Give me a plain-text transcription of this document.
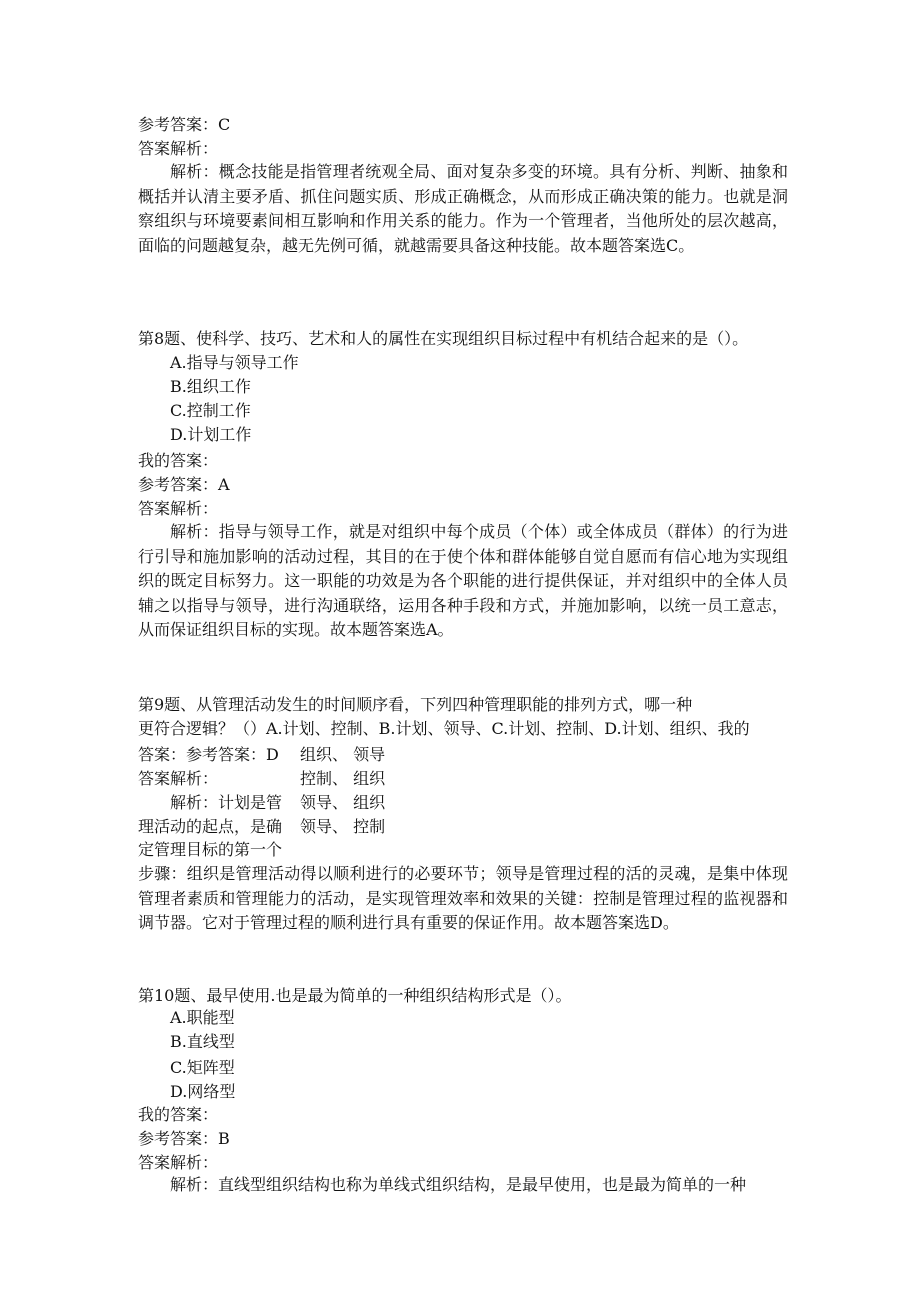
参考答案：C
答案解析：
解析：概念技能是指管理者统观全局、面对复杂多变的环境。具有分析、判断、抽象和概括并认清主要矛盾、抓住问题实质、形成正确概念，从而形成正确决策的能力。也就是洞察组织与环境要素间相互影响和作用关系的能力。作为一个管理者，当他所处的层次越高，面临的问题越复杂，越无先例可循，就越需要具备这种技能。故本题答案选C。
第8题、使科学、技巧、艺术和人的属性在实现组织目标过程中有机结合起来的是（）。
A.指导与领导工作
B.组织工作
C.控制工作
D.计划工作
我的答案：
参考答案：A
答案解析：
解析：指导与领导工作，就是对组织中每个成员（个体）或全体成员（群体）的行为进行引导和施加影响的活动过程，其目的在于使个体和群体能够自觉自愿而有信心地为实现组织的既定目标努力。这一职能的功效是为各个职能的进行提供保证，并对组织中的全体人员辅之以指导与领导，进行沟通联络，运用各种手段和方式，并施加影响，以统一员工意志，从而保证组织目标的实现。故本题答案选A。
第9题、从管理活动发生的时间顺序看，下列四种管理职能的排列方式，哪一种
更符合逻辑？（）A.计划、控制、B.计划、领导、C.计划、控制、D.计划、组织、我的
答案：参考答案：D
答案解析：
解析：计划是管
理活动的起点，是确
定管理目标的第一个
组织、 领导
控制、 组织
领导、 组织
领导、 控制
步骤：组织是管理活动得以顺利进行的必要环节；领导是管理过程的活的灵魂，是集中体现管理者素质和管理能力的活动，是实现管理效率和效果的关键：控制是管理过程的监视器和调节器。它对于管理过程的顺利进行具有重要的保证作用。故本题答案选D。
第10题、最早使用.也是最为简单的一种组织结构形式是（）。
A.职能型
B.直线型
C.矩阵型
D.网络型
我的答案：
参考答案：B
答案解析：
解析：直线型组织结构也称为单线式组织结构，是最早使用，也是最为简单的一种
